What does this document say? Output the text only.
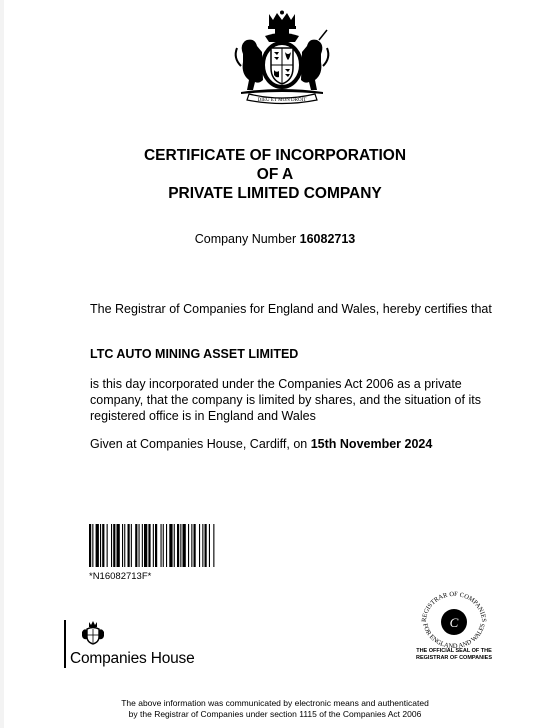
DIEU ET MON DROIT
CERTIFICATE OF INCORPORATION
OF A
PRIVATE LIMITED COMPANY
Company Number 16082713
The Registrar of Companies for England and Wales, hereby certifies that
LTC AUTO MINING ASSET LIMITED
is this day incorporated under the Companies Act 2006 as a private company, that the company is limited by shares, and the situation of its registered office is in England and Wales
Given at Companies House, Cardiff, on 15th November 2024
*N16082713F*
Companies House
C
REGISTRAR OF COMPANIES
FOR ENGLAND AND WALES
THE OFFICIAL SEAL OF THE
REGISTRAR OF COMPANIES
The above information was communicated by electronic means and authenticated
by the Registrar of Companies under section 1115 of the Companies Act 2006
